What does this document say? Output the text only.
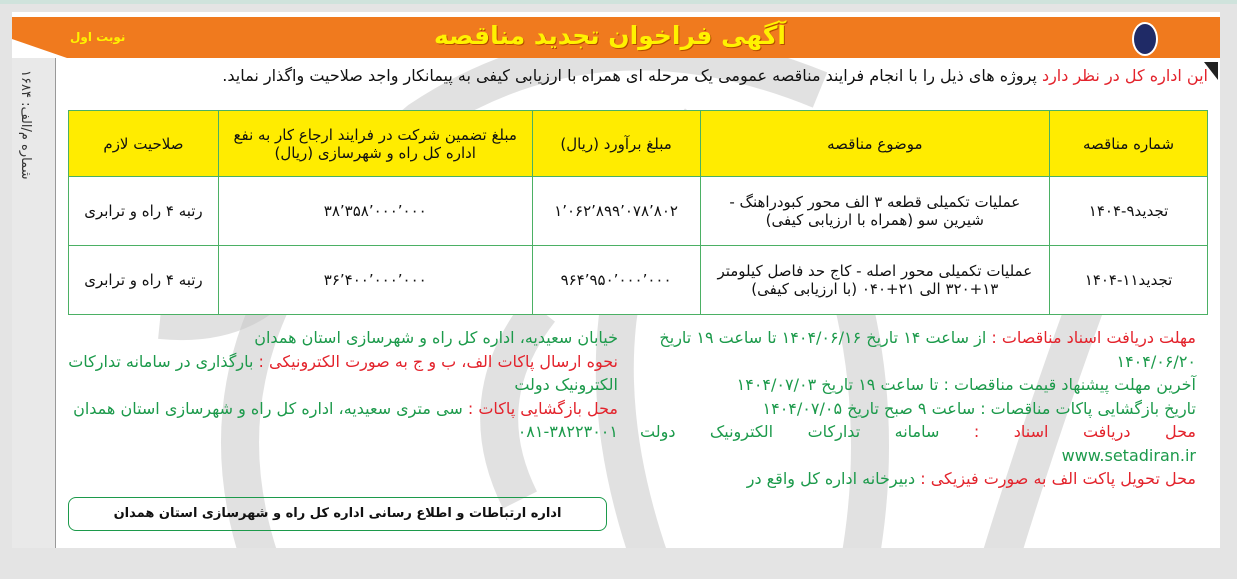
شماره م/الف: ۱۶۸۴
آگهی فراخوان تجدید مناقصه
نوبت اول
این اداره کل در نظر دارد پروژه های ذیل را با انجام فرایند مناقصه عمومی یک مرحله ای همراه با ارزیابی کیفی به پیمانکار واجد صلاحیت واگذار نماید.
شماره مناقصه	موضوع مناقصه	مبلغ برآورد (ریال)	مبلغ تضمین شرکت در فرایند ارجاع کار به نفع اداره کل راه و شهرسازی (ریال)	صلاحیت لازم
تجدید۹-۱۴۰۴	عملیات تکمیلی قطعه ۳ الف محور کبودراهنگ - شیرین سو (همراه با ارزیابی کیفی)	۱٬۰۶۲٬۸۹۹٬۰۷۸٬۸۰۲	۳۸٬۳۵۸٬۰۰۰٬۰۰۰	رتبه ۴ راه و ترابری
تجدید۱۱-۱۴۰۴	عملیات تکمیلی محور اصله - کاج حد فاصل کیلومتر ۱۳+۳۲۰ الی ۲۱+۰۴۰ (با ارزیابی کیفی)	۹۶۴٬۹۵۰٬۰۰۰٬۰۰۰	۳۶٬۴۰۰٬۰۰۰٬۰۰۰	رتبه ۴ راه و ترابری
مهلت دریافت اسناد مناقصات : از ساعت ۱۴ تاریخ ۱۴۰۴/۰۶/۱۶ تا ساعت ۱۹ تاریخ ۱۴۰۴/۰۶/۲۰
آخرین مهلت پیشنهاد قیمت مناقصات : تا ساعت ۱۹ تاریخ ۱۴۰۴/۰۷/۰۳
تاریخ بازگشایی پاکات مناقصات : ساعت ۹ صبح تاریخ ۱۴۰۴/۰۷/۰۵
محل دریافت اسناد : سامانه تدارکات الکترونیک دولت
www.setadiran.ir
محل تحویل پاکت الف به صورت فیزیکی : دبیرخانه اداره کل واقع در
خیابان سعیدیه، اداره کل راه و شهرسازی استان همدان
نحوه ارسال پاکات الف، ب و ج به صورت الکترونیکی : بارگذاری در سامانه تدارکات الکترونیک دولت
محل بازگشایی پاکات : سی متری سعیدیه، اداره کل راه و شهرسازی استان همدان
۰۸۱-۳۸۲۲۳۰۰۱
اداره ارتباطات و اطلاع رسانی اداره کل راه و شهرسازی استان همدان
